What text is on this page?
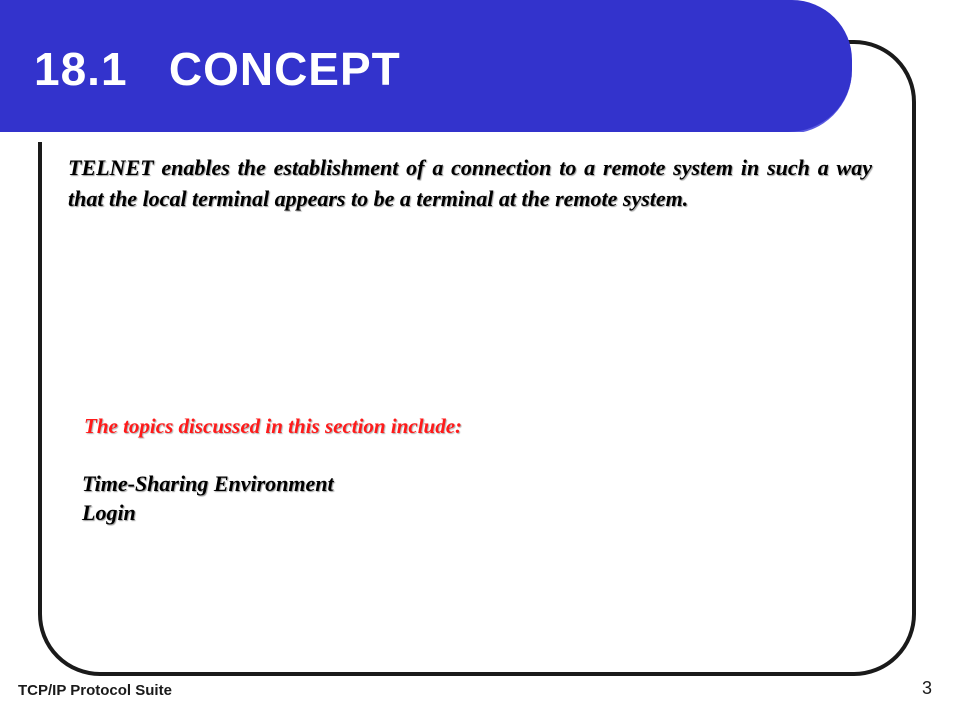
18.1   CONCEPT

TELNET enables the establishment of a connection to a remote system in such a way that the local terminal appears to be a terminal at the remote system.

The topics discussed in this section include:

Time-Sharing Environment
Login
TCP/IP Protocol Suite	3
